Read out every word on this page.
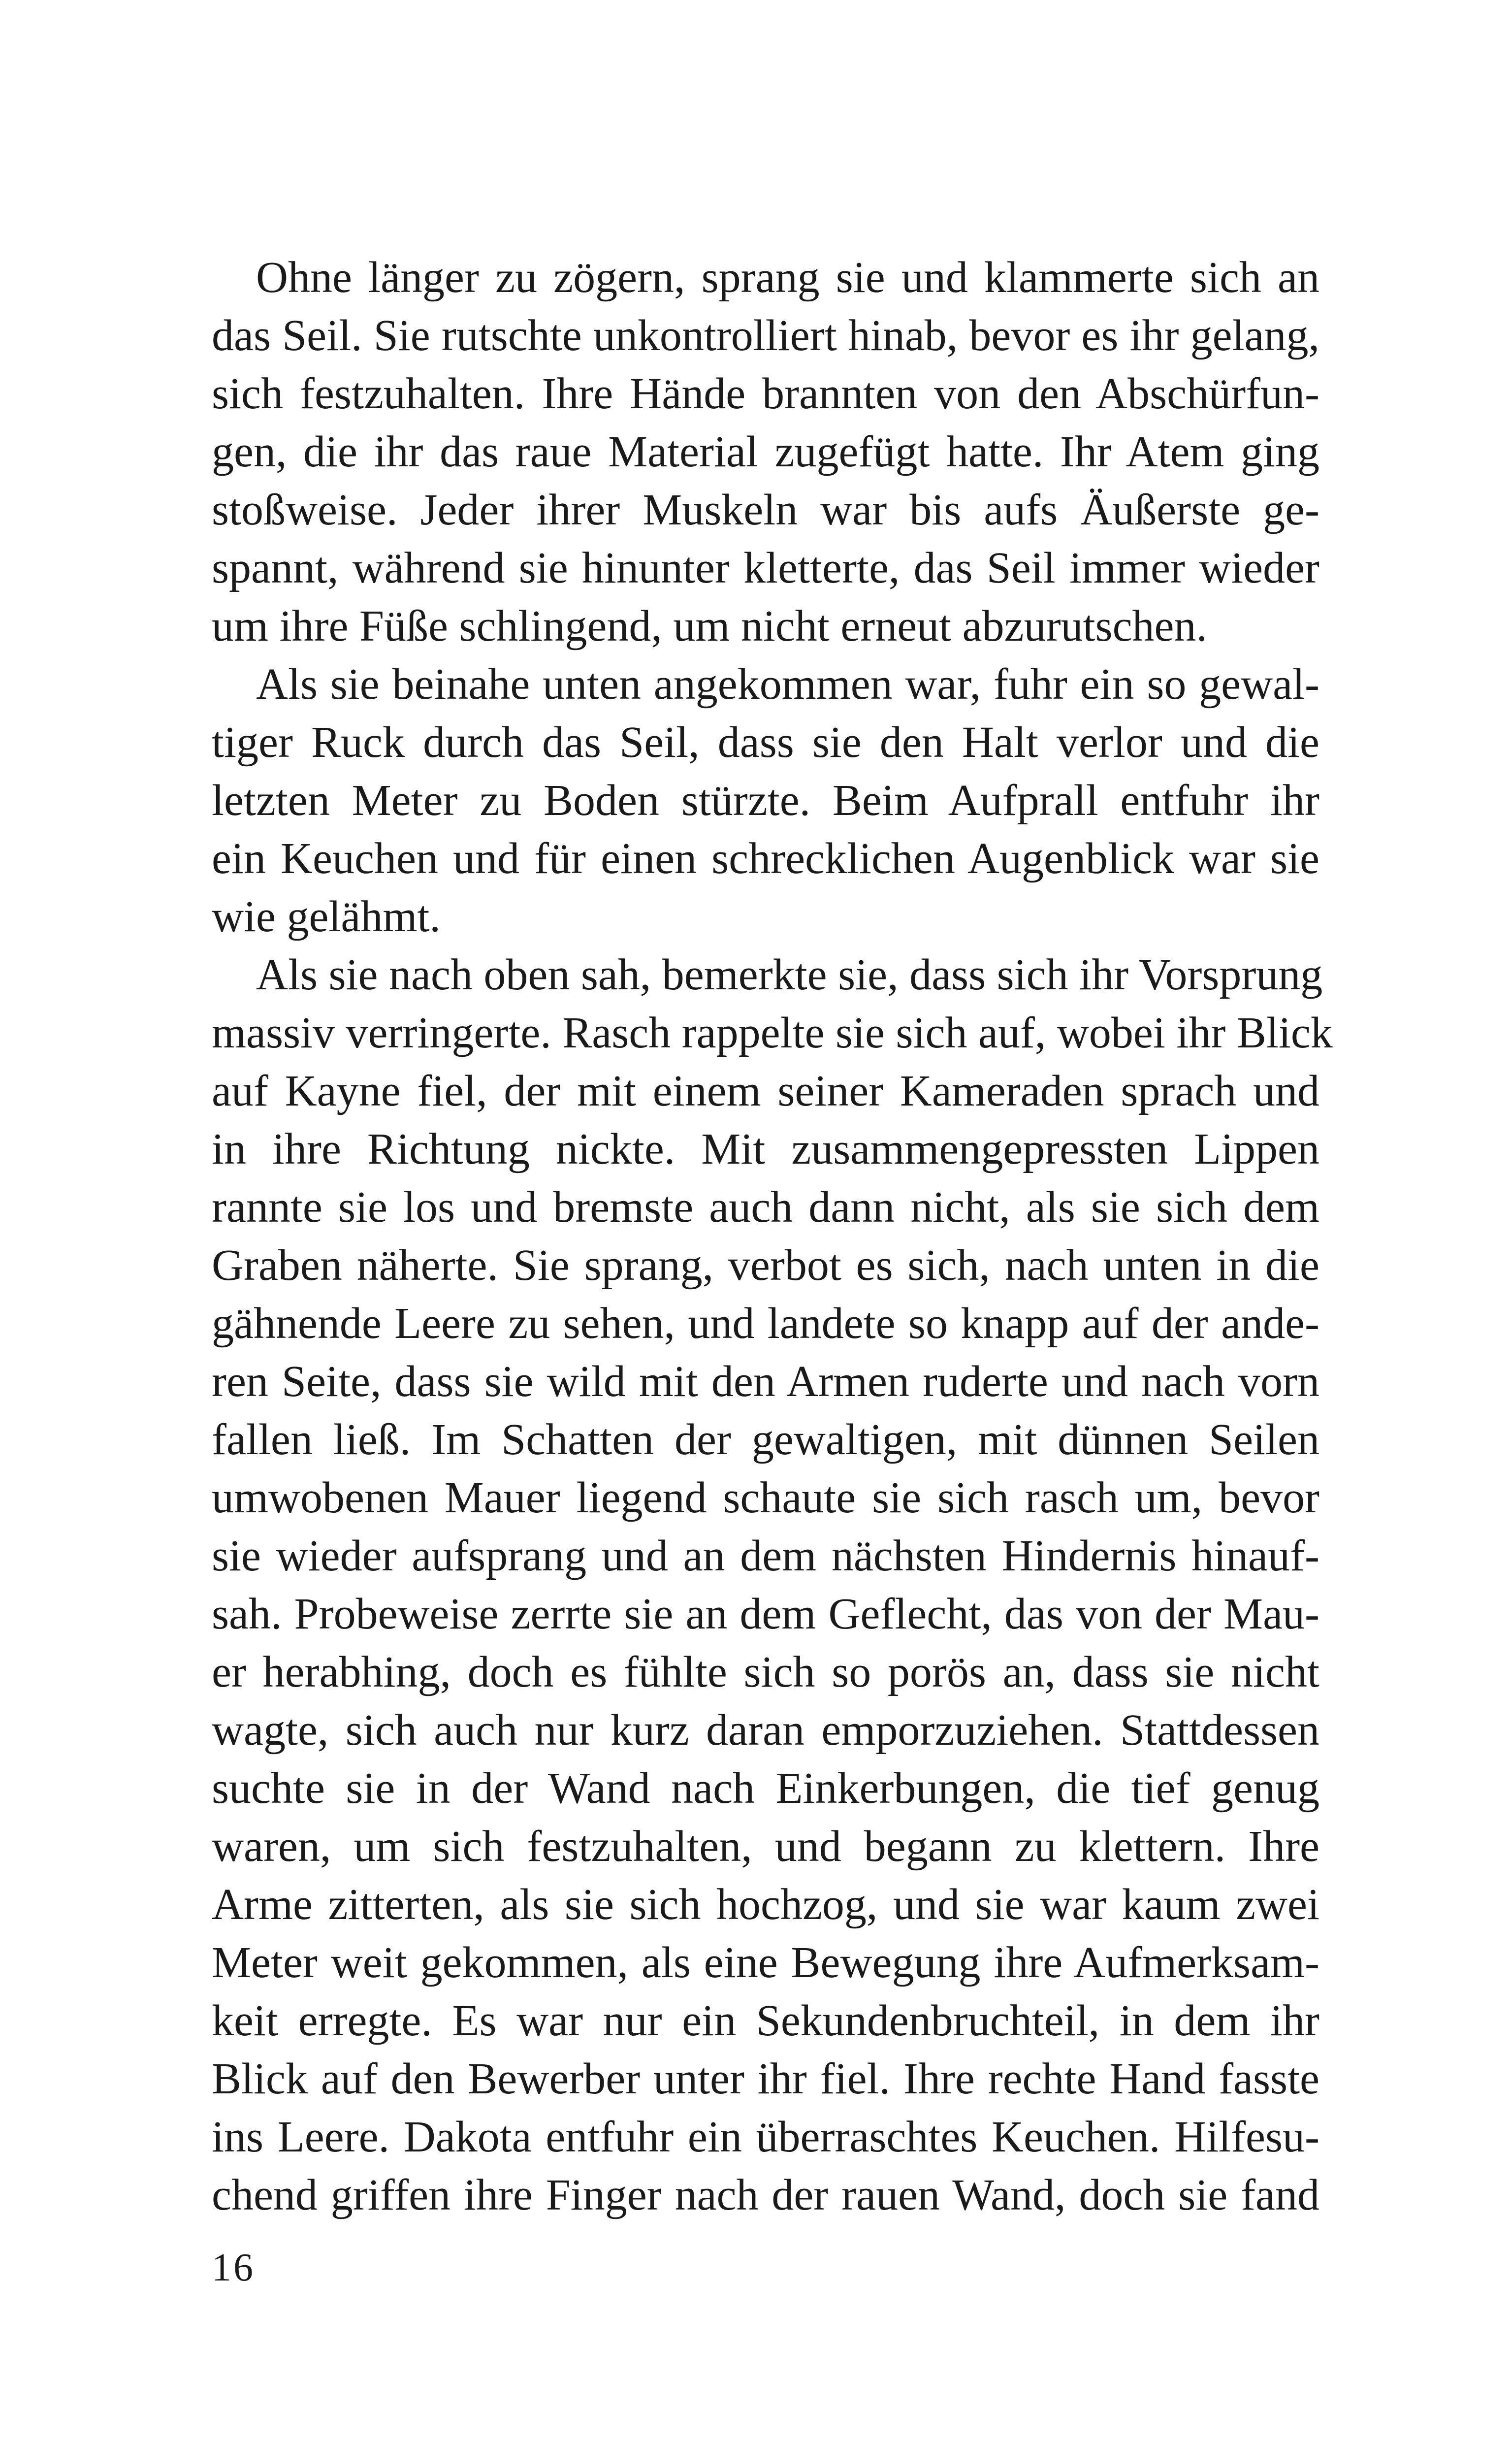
Ohne länger zu zögern, sprang sie und klammerte sich an
das Seil. Sie rutschte unkontrolliert hinab, bevor es ihr gelang,
sich festzuhalten. Ihre Hände brannten von den Abschürfun-
gen, die ihr das raue Material zugefügt hatte. Ihr Atem ging
stoßweise. Jeder ihrer Muskeln war bis aufs Äußerste ge-
spannt, während sie hinunter kletterte, das Seil immer wieder
um ihre Füße schlingend, um nicht erneut abzurutschen.

Als sie beinahe unten angekommen war, fuhr ein so gewal-
tiger Ruck durch das Seil, dass sie den Halt verlor und die
letzten Meter zu Boden stürzte. Beim Aufprall entfuhr ihr
ein Keuchen und für einen schrecklichen Augenblick war sie
wie gelähmt.

Als sie nach oben sah, bemerkte sie, dass sich ihr Vorsprung
massiv verringerte. Rasch rappelte sie sich auf, wobei ihr Blick
auf Kayne fiel, der mit einem seiner Kameraden sprach und
in ihre Richtung nickte. Mit zusammengepressten Lippen
rannte sie los und bremste auch dann nicht, als sie sich dem
Graben näherte. Sie sprang, verbot es sich, nach unten in die
gähnende Leere zu sehen, und landete so knapp auf der ande-
ren Seite, dass sie wild mit den Armen ruderte und nach vorn
fallen ließ. Im Schatten der gewaltigen, mit dünnen Seilen
umwobenen Mauer liegend schaute sie sich rasch um, bevor
sie wieder aufsprang und an dem nächsten Hindernis hinauf-
sah. Probeweise zerrte sie an dem Geflecht, das von der Mau-
er herabhing, doch es fühlte sich so porös an, dass sie nicht
wagte, sich auch nur kurz daran emporzuziehen. Stattdessen
suchte sie in der Wand nach Einkerbungen, die tief genug
waren, um sich festzuhalten, und begann zu klettern. Ihre
Arme zitterten, als sie sich hochzog, und sie war kaum zwei
Meter weit gekommen, als eine Bewegung ihre Aufmerksam-
keit erregte. Es war nur ein Sekundenbruchteil, in dem ihr
Blick auf den Bewerber unter ihr fiel. Ihre rechte Hand fasste
ins Leere. Dakota entfuhr ein überraschtes Keuchen. Hilfesu-
chend griffen ihre Finger nach der rauen Wand, doch sie fand

16
